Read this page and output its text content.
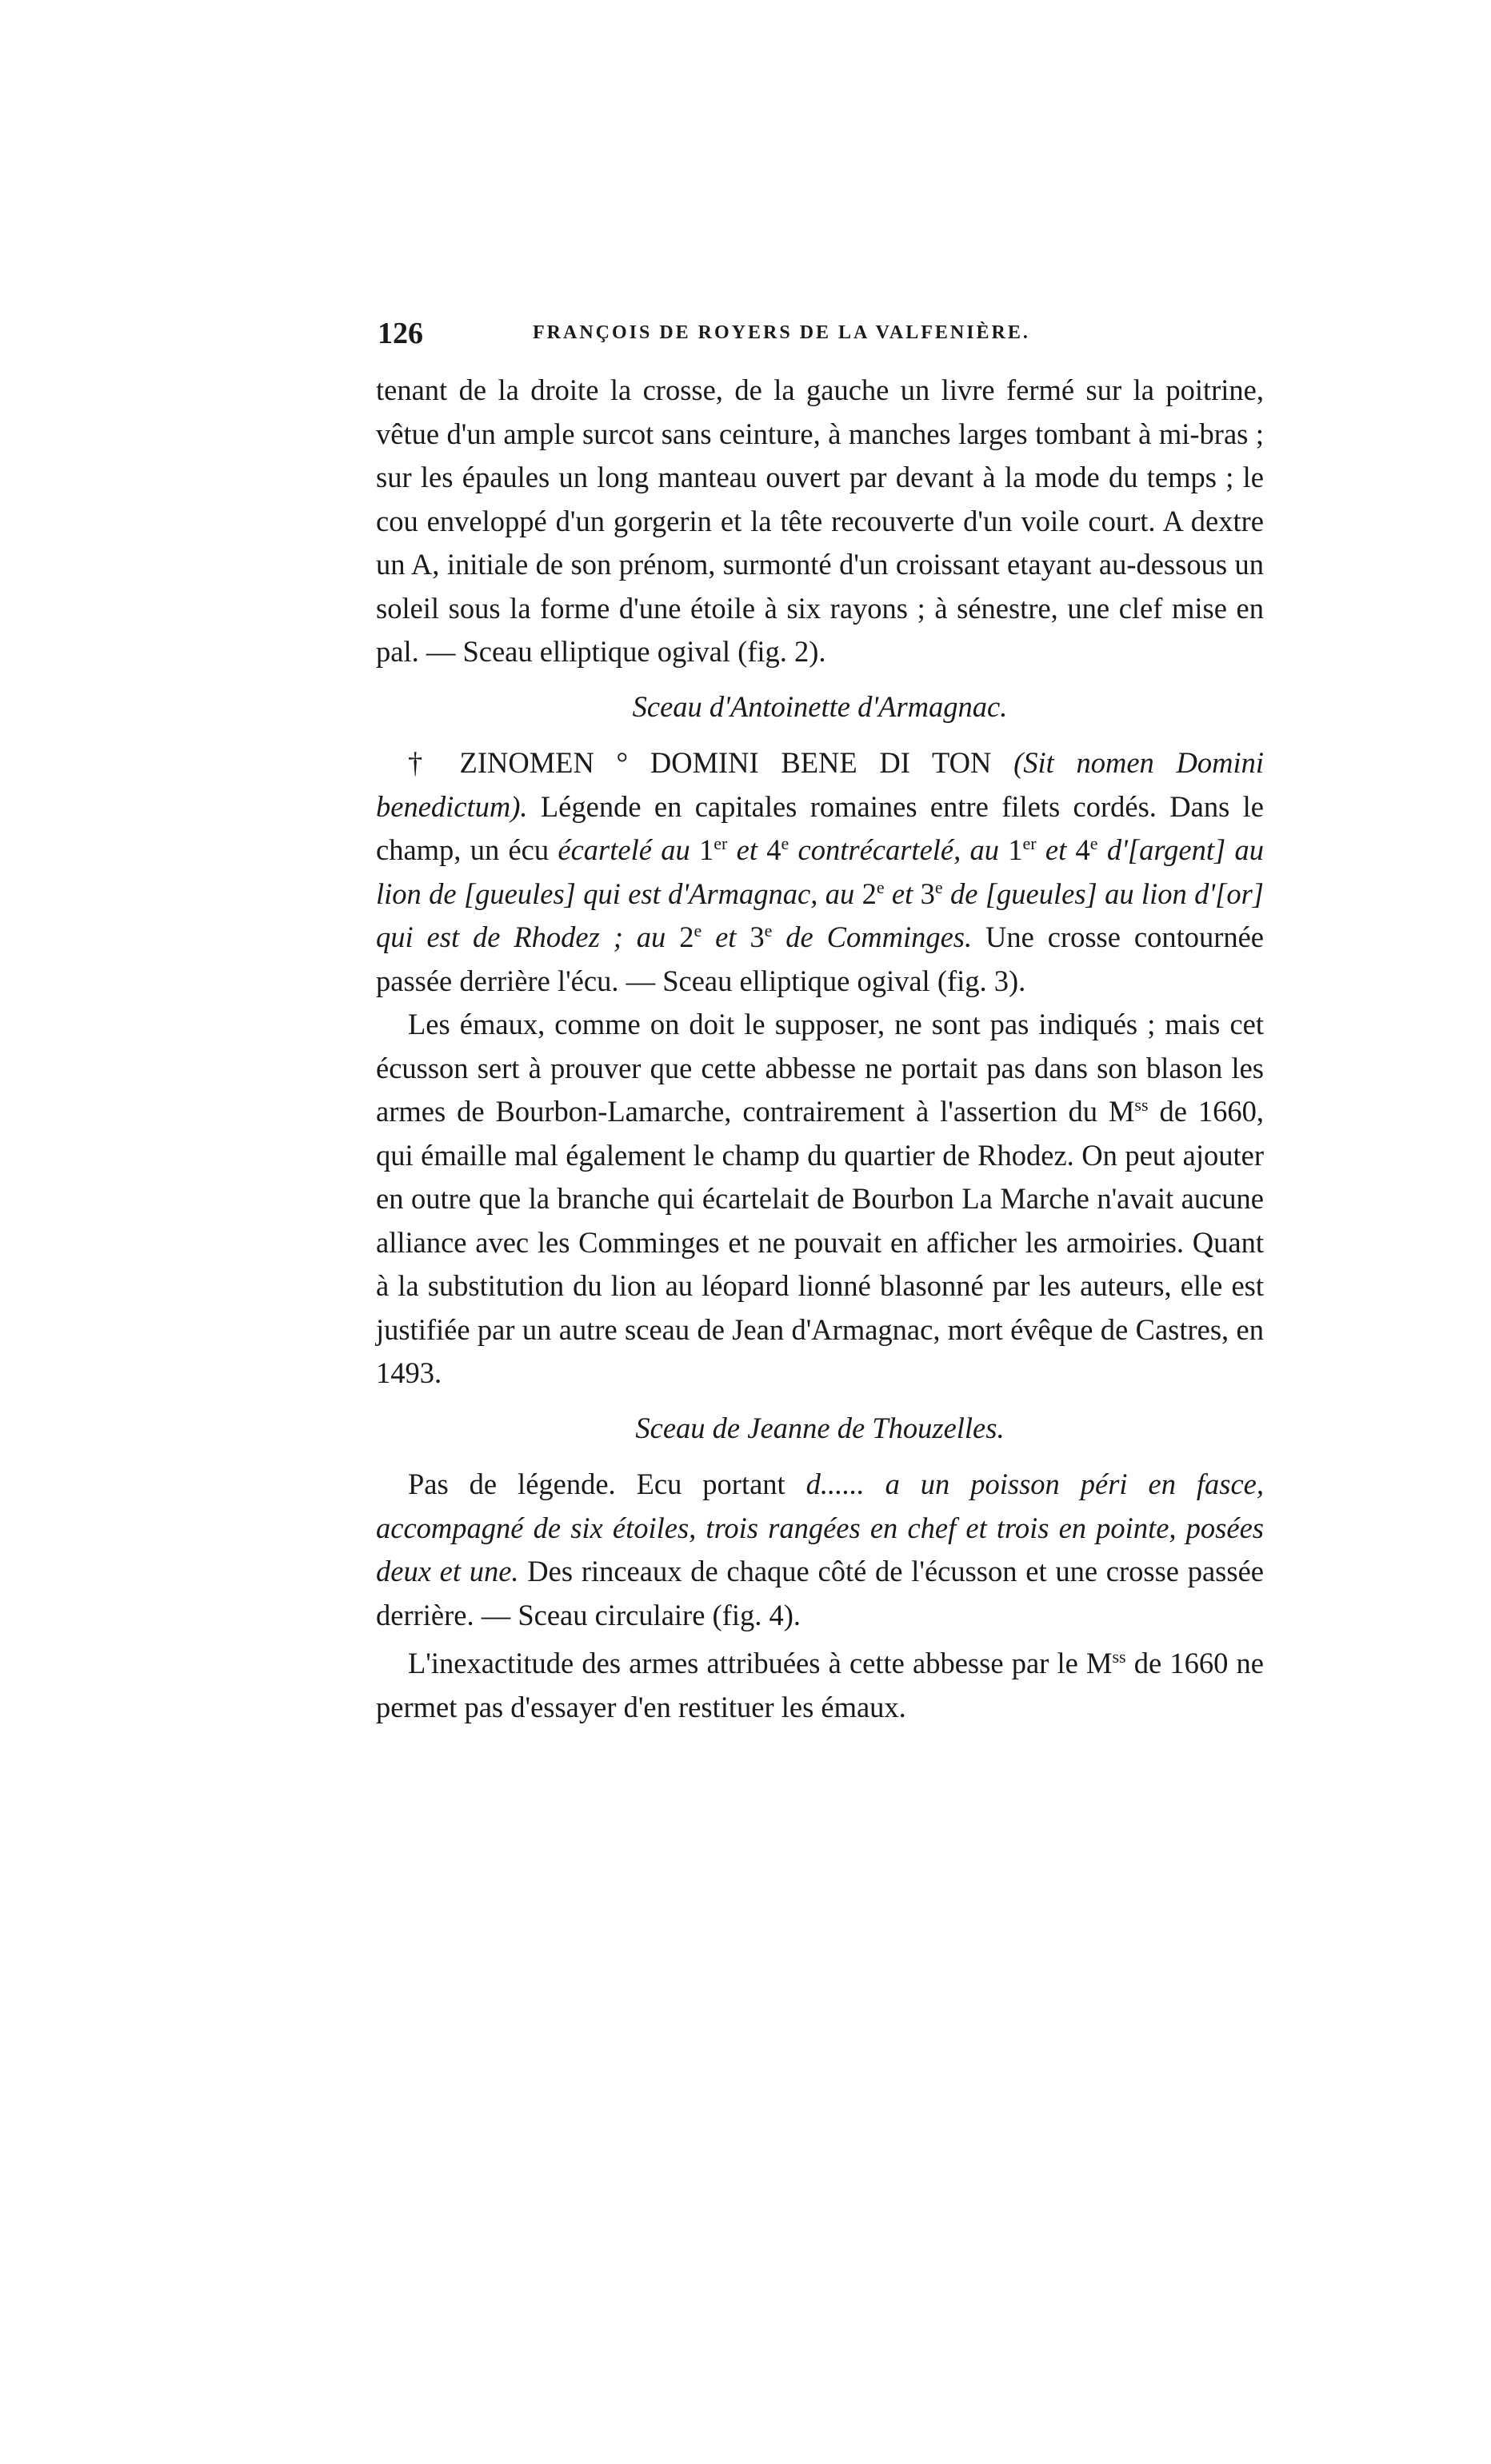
126	FRANÇOIS DE ROYERS DE LA VALFENIÈRE.

tenant de la droite la crosse, de la gauche un livre fermé sur la poitrine, vêtue d'un ample surcot sans ceinture, à manches larges tombant à mi-bras ; sur les épaules un long manteau ouvert par devant à la mode du temps ; le cou enveloppé d'un gorgerin et la tête recouverte d'un voile court. A dextre un A, initiale de son prénom, surmonté d'un croissant etayant au-dessous un soleil sous la forme d'une étoile à six rayons ; à sénestre, une clef mise en pal. — Sceau elliptique ogival (fig. 2).

Sceau d'Antoinette d'Armagnac.

† ZINOMEN ° DOMINI BENE DI TON (Sit nomen Domini benedictum). Légende en capitales romaines entre filets cordés. Dans le champ, un écu écartelé au 1er et 4e contrécartelé, au 1er et 4e d'[argent] au lion de [gueules] qui est d'Armagnac, au 2e et 3e de [gueules] au lion d'[or] qui est de Rhodez ; au 2e et 3e de Comminges. Une crosse contournée passée derrière l'écu. — Sceau elliptique ogival (fig. 3).

Les émaux, comme on doit le supposer, ne sont pas indiqués ; mais cet écusson sert à prouver que cette abbesse ne portait pas dans son blason les armes de Bourbon-Lamarche, contrairement à l'assertion du $M^{ss}$ de 1660, qui émaille mal également le champ du quartier de Rhodez. On peut ajouter en outre que la branche qui écartelait de Bourbon La Marche n'avait aucune alliance avec les Comminges et ne pouvait en afficher les armoiries. Quant à la substitution du lion au léopard lionné blasonné par les auteurs, elle est justifiée par un autre sceau de Jean d'Armagnac, mort évêque de Castres, en 1493.

Sceau de Jeanne de Thouzelles.

Pas de légende. Ecu portant d...... a un poisson péri en fasce, accompagné de six étoiles, trois rangées en chef et trois en pointe, posées deux et une. Des rinceaux de chaque côté de l'écusson et une crosse passée derrière. — Sceau circulaire (fig. 4).

L'inexactitude des armes attribuées à cette abbesse par le $M^{ss}$ de 1660 ne permet pas d'essayer d'en restituer les émaux.
